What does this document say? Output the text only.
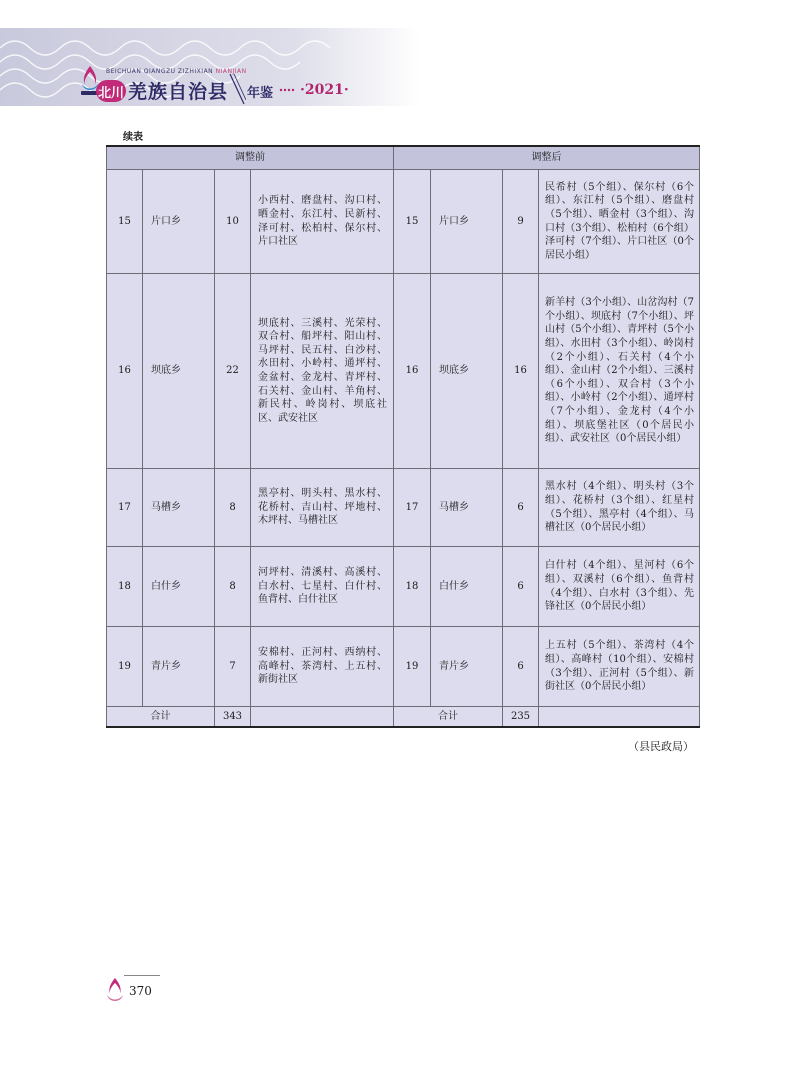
BEICHUAN QIANGZU ZIZHIXIAN NIANJIAN
北川 羌族自治县 年鉴 ·2021·
续表
调整前				调整后			
15	片口乡	10	小西村、磨盘村、沟口村、晒金村、东江村、民新村、泽可村、松柏村、保尔村、片口社区	15	片口乡	9	民希村（5个组）、保尔村（6个组）、东江村（5个组）、磨盘村（5个组）、晒金村（3个组）、沟口村（3个组）、松柏村（6个组）泽可村（7个组）、片口社区（0个居民小组）
16	坝底乡	22	坝底村、三溪村、光荣村、双合村、船坪村、阳山村、马坪村、民五村、白沙村、水田村、小岭村、通坪村、金盆村、金龙村、青坪村、石关村、金山村、羊角村、新民村、岭岗村、坝底社区、武安社区	16	坝底乡	16	新羊村（3个小组）、山岔沟村（7个小组）、坝底村（7个小组）、坪山村（5个小组）、青坪村（5个小组）、水田村（3个小组）、岭岗村（2个小组）、石关村（4个小组）、金山村（2个小组）、三溪村（6个小组）、双合村（3个小组）、小岭村（2个小组）、通坪村（7个小组）、金龙村（4个小组）、坝底堡社区（0个居民小组）、武安社区（0个居民小组）
17	马槽乡	8	黑亭村、明头村、黑水村、花桥村、吉山村、坪地村、木坪村、马槽社区	17	马槽乡	6	黑水村（4个组）、明头村（3个组）、花桥村（3个组）、红星村（5个组）、黑亭村（4个组）、马槽社区（0个居民小组）
18	白什乡	8	河坪村、清溪村、高溪村、白水村、七星村、白什村、鱼背村、白什社区	18	白什乡	6	白什村（4个组）、星河村（6个组）、双溪村（6个组）、鱼背村（4个组）、白水村（3个组）、先锋社区（0个居民小组）
19	青片乡	7	安棉村、正河村、西纳村、高峰村、茶湾村、上五村、新街社区	19	青片乡	6	上五村（5个组）、茶湾村（4个组）、高峰村（10个组）、安棉村（3个组）、正河村（5个组）、新街社区（0个居民小组）
合计		343		合计		235	
（县民政局）
370
